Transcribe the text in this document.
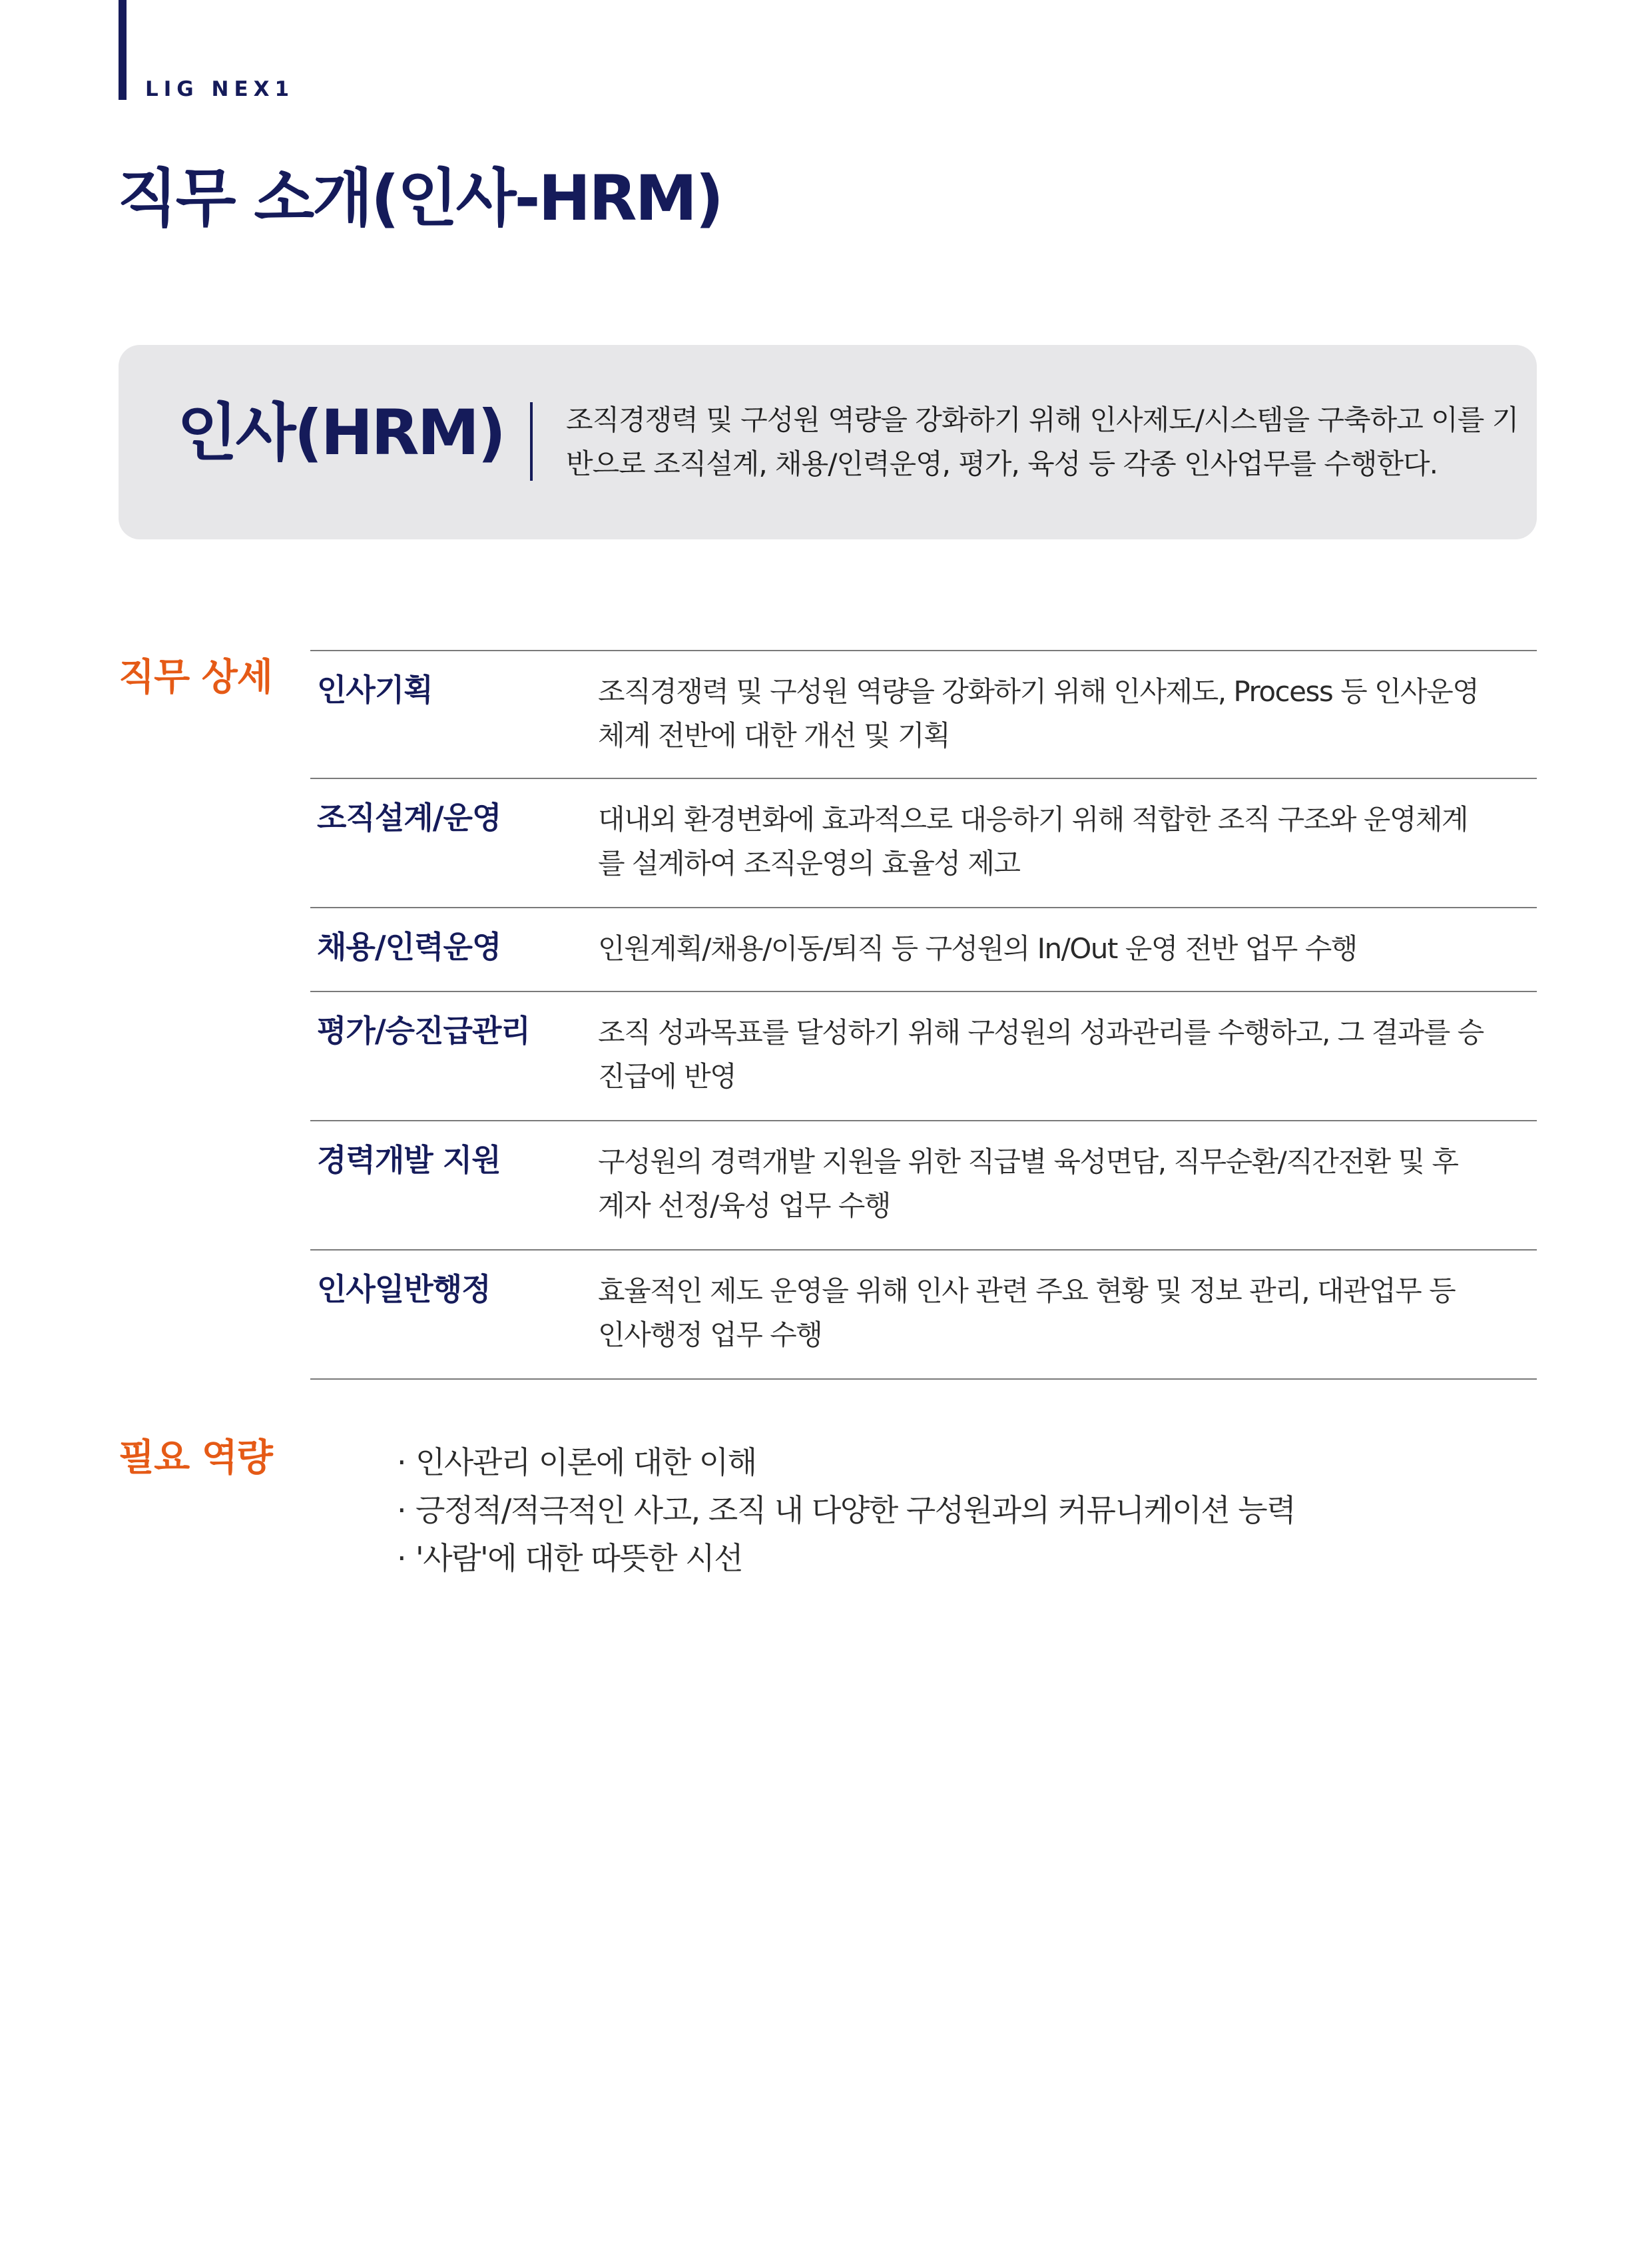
LIG NEX1
직무 소개(인사-HRM)
인사(HRM) 조직경쟁력 및 구성원 역량을 강화하기 위해 인사제도/시스템을 구축하고 이를 기반으로 조직설계, 채용/인력운영, 평가, 육성 등 각종 인사업무를 수행한다.

직무 상세 인사기획	조직경쟁력 및 구성원 역량을 강화하기 위해 인사제도, Process 등 인사운영체계 전반에 대한 개선 및 기획
조직설계/운영	대내외 환경변화에 효과적으로 대응하기 위해 적합한 조직 구조와 운영체계를 설계하여 조직운영의 효율성 제고
채용/인력운영	인원계획/채용/이동/퇴직 등 구성원의 In/Out 운영 전반 업무 수행
평가/승진급관리	조직 성과목표를 달성하기 위해 구성원의 성과관리를 수행하고, 그 결과를 승진급에 반영
경력개발 지원	구성원의 경력개발 지원을 위한 직급별 육성면담, 직무순환/직간전환 및 후계자 선정/육성 업무 수행
인사일반행정	효율적인 제도 운영을 위해 인사 관련 주요 현황 및 정보 관리, 대관업무 등 인사행정 업무 수행
필요 역량
·	인사관리 이론에 대한 이해
· 긍정적/적극적인 사고, 조직 내 다양한 구성원과의 커뮤니케이션 능력
· '사람'에 대한 따뜻한 시선
